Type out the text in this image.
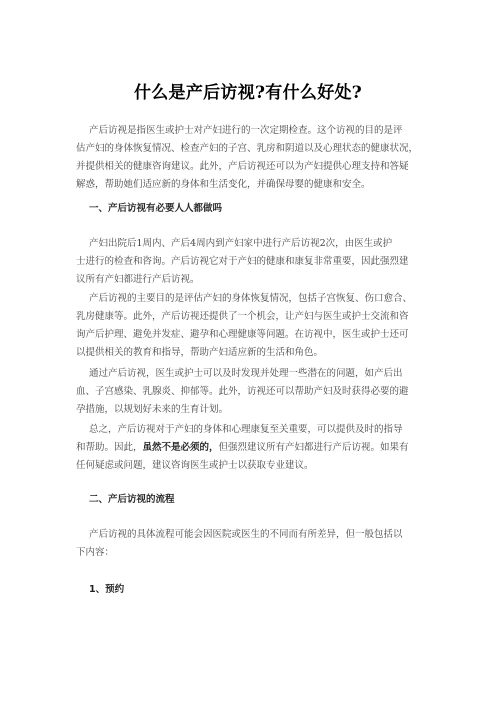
什么是产后访视?有什么好处?

产后访视是指医生或护士对产妇进行的一次定期检查。这个访视的目的是评
估产妇的身体恢复情况、检查产妇的子宫、乳房和阴道以及心理状态的健康状况，
并提供相关的健康咨询建议。此外，产后访视还可以为产妇提供心理支持和答疑
解惑，帮助她们适应新的身体和生活变化，并确保母婴的健康和安全。

一、产后访视有必要人人都做吗

产妇出院后1周内、产后4周内到产妇家中进行产后访视2次，由医生或护
士进行的检查和咨询。产后访视它对于产妇的健康和康复非常重要，因此强烈建
议所有产妇都进行产后访视。

产后访视的主要目的是评估产妇的身体恢复情况，包括子宫恢复、伤口愈合、
乳房健康等。此外，产后访视还提供了一个机会，让产妇与医生或护士交流和咨
询产后护理、避免并发症、避孕和心理健康等问题。在访视中，医生或护士还可
以提供相关的教育和指导，帮助产妇适应新的生活和角色。

通过产后访视，医生或护士可以及时发现并处理一些潜在的问题，如产后出
血、子宫感染、乳腺炎、抑郁等。此外，访视还可以帮助产妇及时获得必要的避
孕措施，以规划好未来的生育计划。

总之，产后访视对于产妇的身体和心理康复至关重要，可以提供及时的指导
和帮助。因此，虽然不是必须的，但强烈建议所有产妇都进行产后访视。如果有
任何疑虑或问题，建议咨询医生或护士以获取专业建议。

二、产后访视的流程

产后访视的具体流程可能会因医院或医生的不同而有所差异，但一般包括以
下内容：

1、预约
